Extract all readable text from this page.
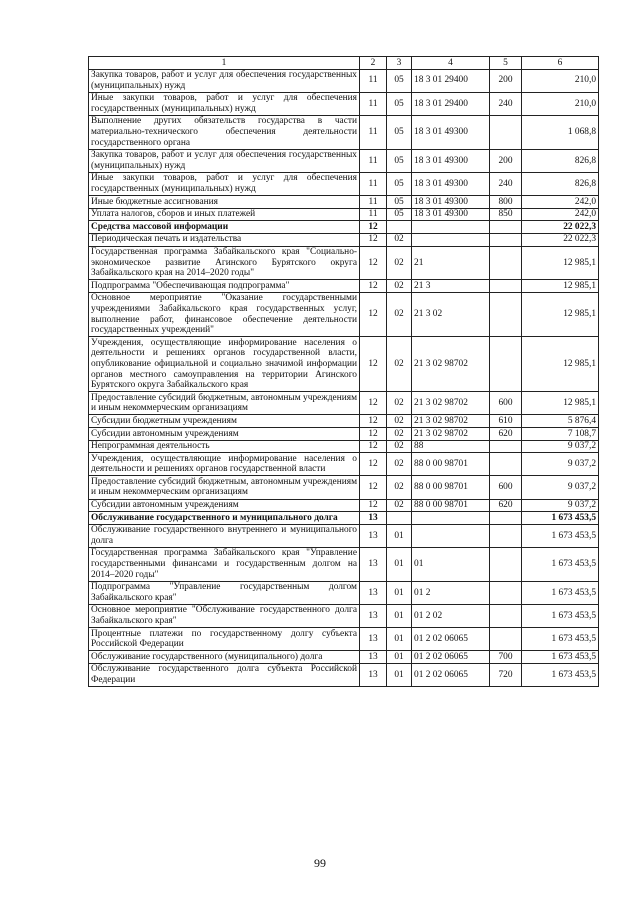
1	2	3	4	5	6
Закупка товаров, работ и услуг для обеспечения государственных (муниципальных) нужд	11	05	18 3 01 29400	200	210,0
Иные закупки товаров, работ и услуг для обеспечения государственных (муниципальных) нужд	11	05	18 3 01 29400	240	210,0
Выполнение других обязательств государства в части материально-технического обеспечения деятельности государственного органа	11	05	18 3 01 49300		1 068,8
Закупка товаров, работ и услуг для обеспечения государственных (муниципальных) нужд	11	05	18 3 01 49300	200	826,8
Иные закупки товаров, работ и услуг для обеспечения государственных (муниципальных) нужд	11	05	18 3 01 49300	240	826,8
Иные бюджетные ассигнования	11	05	18 3 01 49300	800	242,0
Уплата налогов, сборов и иных платежей	11	05	18 3 01 49300	850	242,0
Средства массовой информации	12				22 022,3
Периодическая печать и издательства	12	02			22 022,3
Государственная программа Забайкальского края "Социально-экономическое развитие Агинского Бурятского округа Забайкальского края на 2014–2020 годы"	12	02	21		12 985,1
Подпрограмма "Обеспечивающая подпрограмма"	12	02	21 3		12 985,1
Основное мероприятие "Оказание государственными учреждениями Забайкальского края государственных услуг, выполнение работ, финансовое обеспечение деятельности государственных учреждений"	12	02	21 3 02		12 985,1
Учреждения, осуществляющие информирование населения о деятельности и решениях органов государственной власти, опубликование официальной и социально значимой информации органов местного самоуправления на территории Агинского Бурятского округа Забайкальского края	12	02	21 3 02 98702		12 985,1
Предоставление субсидий бюджетным, автономным учреждениям и иным некоммерческим организациям	12	02	21 3 02 98702	600	12 985,1
Субсидии бюджетным учреждениям	12	02	21 3 02 98702	610	5 876,4
Субсидии автономным учреждениям	12	02	21 3 02 98702	620	7 108,7
Непрограммная деятельность	12	02	88		9 037,2
Учреждения, осуществляющие информирование населения о деятельности и решениях органов государственной власти	12	02	88 0 00 98701		9 037,2
Предоставление субсидий бюджетным, автономным учреждениям и иным некоммерческим организациям	12	02	88 0 00 98701	600	9 037,2
Субсидии автономным учреждениям	12	02	88 0 00 98701	620	9 037,2
Обслуживание государственного и муниципального долга	13				1 673 453,5
Обслуживание государственного внутреннего и муниципального долга	13	01			1 673 453,5
Государственная программа Забайкальского края "Управление государственными финансами и государственным долгом на 2014–2020 годы"	13	01	01		1 673 453,5
Подпрограмма "Управление государственным долгом Забайкальского края"	13	01	01 2		1 673 453,5
Основное мероприятие "Обслуживание государственного долга Забайкальского края"	13	01	01 2 02		1 673 453,5
Процентные платежи по государственному долгу субъекта Российской Федерации	13	01	01 2 02 06065		1 673 453,5
Обслуживание государственного (муниципального) долга	13	01	01 2 02 06065	700	1 673 453,5
Обслуживание государственного долга субъекта Российской Федерации	13	01	01 2 02 06065	720	1 673 453,5
99
